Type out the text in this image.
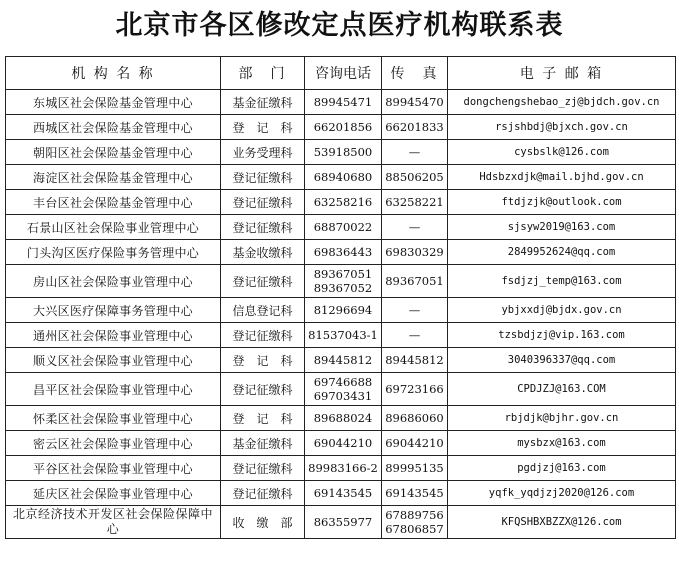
北京市各区修改定点医疗机构联系表
机 构 名 称	部　门	咨询电话	传　真	电 子 邮 箱
东城区社会保险基金管理中心	基金征缴科	89945471	89945470	dongchengshebao_zj@bjdch.gov.cn
西城区社会保险基金管理中心	登　记　科	66201856	66201833	rsjshbdj@bjxch.gov.cn
朝阳区社会保险基金管理中心	业务受理科	53918500	—	cysbslk@126.com
海淀区社会保险基金管理中心	登记征缴科	68940680	88506205	Hdsbzxdjk@mail.bjhd.gov.cn
丰台区社会保险基金管理中心	登记征缴科	63258216	63258221	ftdjzjk@outlook.com
石景山区社会保险事业管理中心	登记征缴科	68870022	—	sjsyw2019@163.com
门头沟区医疗保险事务管理中心	基金收缴科	69836443	69830329	2849952624@qq.com
房山区社会保险事业管理中心	登记征缴科	89367051
89367052	89367051	fsdjzj_temp@163.com
大兴区医疗保障事务管理中心	信息登记科	81296694	—	ybjxxdj@bjdx.gov.cn
通州区社会保险事业管理中心	登记征缴科	81537043-1	—	tzsbdjzj@vip.163.com
顺义区社会保险事业管理中心	登　记　科	89445812	89445812	3040396337@qq.com
昌平区社会保险事业管理中心	登记征缴科	69746688
69703431	69723166	CPDJZJ@163.COM
怀柔区社会保险事业管理中心	登　记　科	89688024	89686060	rbjdjk@bjhr.gov.cn
密云区社会保险事业管理中心	基金征缴科	69044210	69044210	mysbzx@163.com
平谷区社会保险事业管理中心	登记征缴科	89983166-2	89995135	pgdjzj@163.com
延庆区社会保险事业管理中心	登记征缴科	69143545	69143545	yqfk_yqdjzj2020@126.com
北京经济技术开发区社会保险保障中心	收　缴　部	86355977	67889756
67806857	KFQSHBXBZZX@126.com
